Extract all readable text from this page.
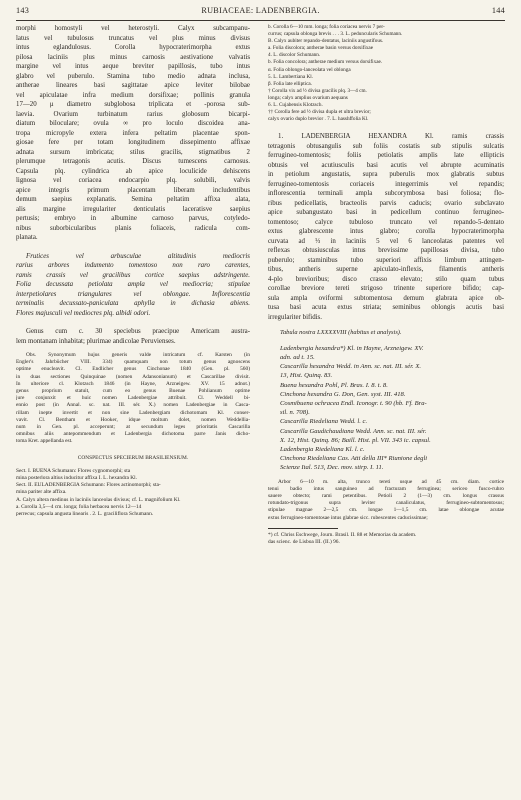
143	RUBIACEAE: LADENBERGIA.	144
morphi homostyli vel heterostyli. Calyx subcampanu-
latus vel tubulosus truncatus vel plus minus divisus
intus eglandulosus. Corolla hypocraterimorpha extus
pilosa laciniis plus minus carnosis aestivatione valvatis
margine vel intus aeque breviter papillosis, tubo intus
glabro vel puberulo. Stamina tubo medio adnata inclusa,
antherae lineares basi sagittatae apice leviter bilobae
vel apiculatae infra medium dorsifixae; pollinis granula
17—20 μ diametro subglobosa triplicata et -porosa sub-
laevia. Ovarium turbinatum rarius globosum bicarpi-
diatum biloculare; ovula ∞ pro loculo discoidea ana-
tropa micropyle extera infera peltatim placentae spon-
giosae fere per totam longitudinem dissepimento affixae
adnata sursum imbricata; stilus gracilis, stigmatibus 2
plerumque tetragonis acutis. Discus tumescens carnosus.
Capsula plq. cylindrica ab apice loculicide dehiscens
lignosa vel coriacea endocarpio plq. solubili, valvis
apice integris primum placentam liberam includentibus
demum saepius explanatis. Semina peltatim affixa alata,
alis margine irregulariter denticulatis laceratisve saepius
pertusis; embryo in albumine carnoso parvus, cotyledo-
nibus suborbicularibus planis foliaceis, radicula com-
planata.
Frutices vel arbusculae altitudinis mediocris
rarius arbores indumento tomentoso non raro carentes,
ramis crassis vel gracilibus cortice saepius adstringente.
Folia decussata petiolata ampla vel mediocria; stipulae
interpetiolares triangulares vel oblongae. Inflorescentia
terminalis decussato-paniculata aphylla in dichasia abiens.
Flores majusculi vel mediocres plq. albidi odori.
Genus cum c. 30 speciebus praecipue Americam austra-
lem montanam inhabitat; plurimae andicolae Peruvienses.
Obs. Synonymum hujus generis valde intricatum cf. Karsten (in
Engler's Jahrbücher VIII. 334) quamquam non totum genus agnoscens
optime enucleavit. Cl. Endlicher genus Cinchonae 1840 (Gen. pl. 560)
in duas sectiones Quinquinae (nomen Adansonianum) et Cascarillae divisit.
In ulteriore cl. Klotzsch 1846 (in Hayne, Arzneigew. XV. 15 adnot.)
genus proprium statuit, cum eo genus Buenae Pohlianum optime
jure conjunxit et huic nomen Ladenbergiae attribuit. Cl. Weddell bi-
ennio post (in Annal. sc. nat. III. sér. X.) nomen Ladenbergiae in Casca-
rillam inepte invertit et non sine Ladenbergiam dichotomam Kl. conser-
vavit. Cl. Bentham et Hooker, idque moltum dolet, nomen Weddellia-
num in Gen. pl. acceperunt; at secundum leges prioritatis Cascarilla
omnibus aliis antepommendum et Ladenbergia dichotoma parre Janis dicho-
toma Kret. appellanda est.
CONSPECTUS SPECIERUM BRASILIENSIUM.
Sect. I. BUENA Schumann: Flores cygnomorphi; sta
mina posterlora altius inducitur affixa I. L. hexandra Kl.
Sect. II. EULADENBERGIA Schumann: Flores actinomorphi; sta-
mina pariter alte affixa.
A. Calyx altera medinus in laciniis lanceolas divisus; cf. L. magnifolium Kl.
a. Corolla 3,5—4 cm. longa; folia herbacea nervis 12—14
perrecus; capsula angusta linearis . 2. L. graciliflora Schumann.
b. Corolla 6—10 mm. longa; folia coriacea nervis 7 per-
currus; capsula oblonga brevis . . . 3. L. peduncularis Schumann.
B. Calyx aubiter repando-dentatus, laciniis angustifous.
a. Folia discolora; antherae basin versus dorsifixae
4. L. discolor Schumann.
b. Folia concolora; antherae medium versus dorsifixae.
α. Folia oblongo-lanceolata vel oblonga
5. L. Lambertiana Kl.
β. Folia late elliptica.
† Corolla vix ad ½ divisa gracilis plq. 3—4 cm.
longa; calyx amplius ovarium aequans
6. L. Cujabensis Klotzsch.
†† Corolla fere ad ½ divisa dupla et ultra brevior;
calyx ovario duplo brevior . 7. L. hasshffolia Kl.
1. LADENBERGIA HEXANDRA Kl. ramis crassis
tetragonis obtusangulis sub foliis costatis sub stipulis sulcatis
ferrugineo-tomentosis; foliis petiolatis amplis late ellipticis
obtusis vel acutiusculis basi acutis vel abrupte acuminatis
in petiolum angustatis, supra puberulis mox glabratis subtus
ferrugineo-tomentosis coriaceis integerrimis vel repandis;
inflorescentia terminali ampla subcorymbosa basi foliosa; flo-
ribus pedicellatis, bracteolis parvis caducis; ovario subclavato
apice subangustato basi in pedicellum continuo ferrugineo-
tomentoso; calyce tubuloso truncato vel repando-5-dentato
extus glabrescente intus glabro; corolla hypocraterimorpha
curvata ad ⅓ in laciniis 5 vel 6 lanceolatas patentes vel
reflexas obtusiusculas intus brevissime papillosas divisa, tubo
puberulo; staminibus tubo superiori affixis limbum attingen-
tibus, antheris superne apiculato-inflexis, filamentis antheris
4-plo brevioribus; disco crasso elevato; stilo quam tubus
corollae breviore tereti strigoso trinente superiore bifido; cap-
sula ampla oviformi subtomentosa demum glabrata apice ob-
tusa basi acuta extus striata; seminibus oblongis acutis basi
irregulariter bifidis.
Tabula nostra LXXXXVIII (habitus et analysis).
Ladenbergia hexandra*) Kl. in Hayne, Arzneigew. XV.
adn. ad t. 15.
Cascarilla hexandra Wedd. in Ann. sc. nat. III. sér. X.
13, Hist. Quinq. 83.
Buena hexandra Pohl, Pl. Bras. I. 8. t. 8.
Cinchona hexandra G. Don, Gen. syst. III. 418.
Cosmibuena ochracea Endl. Iconogr. t. 90 (hb. Ff. Bra-
sil. n. 708).
Cascarilla Riedeliana Wedd. l. c.
Cascarilla Gaudichaudiana Wedd. Ann. sc. nat. III. sér.
X. 12, Hist. Quinq. 86; Baill. Hist. pl. VII. 343 ic. capsul.
Ladenbergia Riedeliana Kl. l. c.
Cinchona Riedeliana Cas. Atti della III* Riunione degli
Scienze Ital. 513, Dec. mov. stirp. I. 11.
Arbor 6—10 m. alta, trunco tereti usque ad 45 cm. diam. cortice
tenui badio intus sanguineo ad fracturam ferruginea; sericeo fusco-ruhro
sauere obtecto; rami petentibus. Petioli 2 (1—3) cm. longus crassus
rotundato-trigonus supra leviter canaliculatus, ferrugineo-subtomentosus;
stipulae magnae 2—2,5 cm. longae 1—1,5 cm. latae oblongae acutae
extus ferrugineo-tomentosae intus glabrae sicc. rubescentes caducissimae;
*) cf. Chriss Eschwege, Journ. Brasil. II. 88 et Memorias da academ.
das scienc. de Lisboa III. (II.) 96.
